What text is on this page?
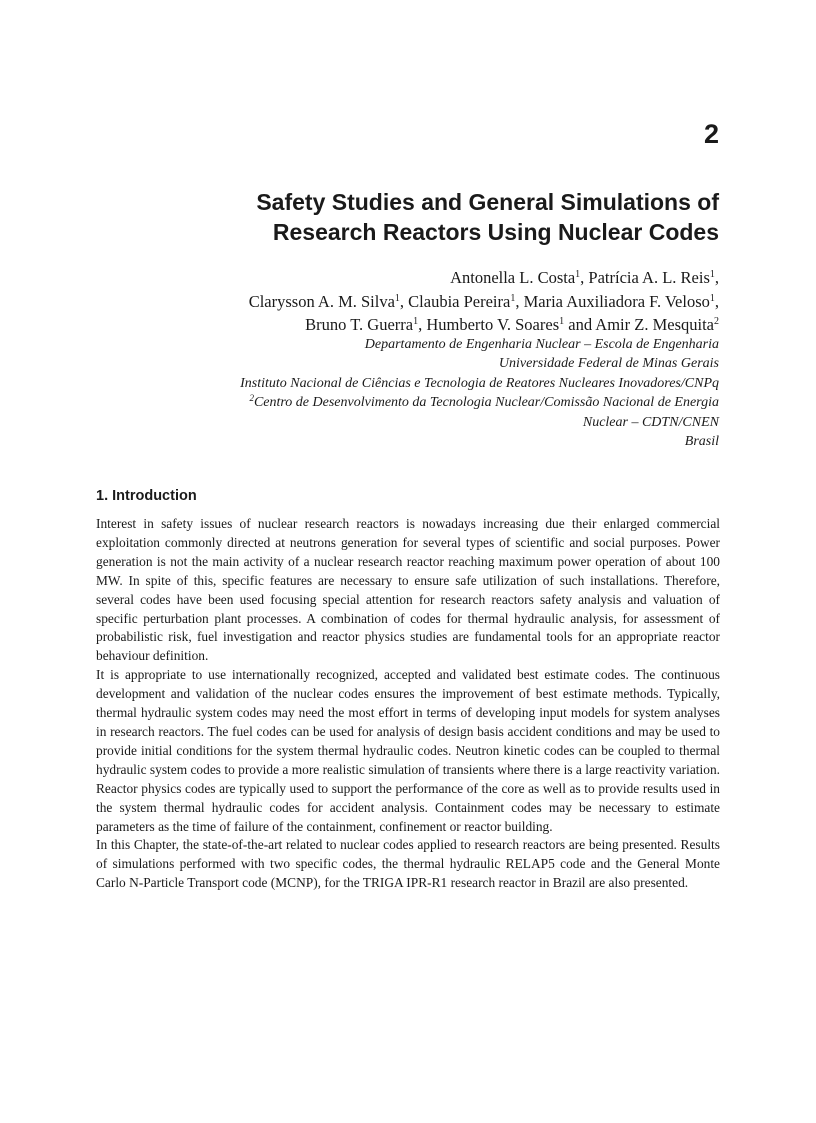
2
Safety Studies and General Simulations of
Research Reactors Using Nuclear Codes
Antonella L. Costa$^1$, Patrícia A. L. Reis$^1$,
Clarysson A. M. Silva$^1$, Claubia Pereira$^1$, Maria Auxiliadora F. Veloso$^1$,
Bruno T. Guerra$^1$, Humberto V. Soares$^1$ and Amir Z. Mesquita$^2$
Departamento de Engenharia Nuclear – Escola de Engenharia
Universidade Federal de Minas Gerais
Instituto Nacional de Ciências e Tecnologia de Reatores Nucleares Inovadores/CNPq
$^2$Centro de Desenvolvimento da Tecnologia Nuclear/Comissão Nacional de Energia
Nuclear – CDTN/CNEN
Brasil
1. Introduction

Interest in safety issues of nuclear research reactors is nowadays increasing due their enlarged commercial exploitation commonly directed at neutrons generation for several types of scientific and social purposes. Power generation is not the main activity of a nuclear research reactor reaching maximum power operation of about 100 MW. In spite of this, specific features are necessary to ensure safe utilization of such installations. Therefore, several codes have been used focusing special attention for research reactors safety analysis and valuation of specific perturbation plant processes. A combination of codes for thermal hydraulic analysis, for assessment of probabilistic risk, fuel investigation and reactor physics studies are fundamental tools for an appropriate reactor behaviour definition.

It is appropriate to use internationally recognized, accepted and validated best estimate codes. The continuous development and validation of the nuclear codes ensures the improvement of best estimate methods. Typically, thermal hydraulic system codes may need the most effort in terms of developing input models for system analyses in research reactors. The fuel codes can be used for analysis of design basis accident conditions and may be used to provide initial conditions for the system thermal hydraulic codes. Neutron kinetic codes can be coupled to thermal hydraulic system codes to provide a more realistic simulation of transients where there is a large reactivity variation. Reactor physics codes are typically used to support the performance of the core as well as to provide results used in the system thermal hydraulic codes for accident analysis. Containment codes may be necessary to estimate parameters as the time of failure of the containment, confinement or reactor building.

In this Chapter, the state-of-the-art related to nuclear codes applied to research reactors are being presented. Results of simulations performed with two specific codes, the thermal hydraulic RELAP5 code and the General Monte Carlo N-Particle Transport code (MCNP), for the TRIGA IPR-R1 research reactor in Brazil are also presented.
